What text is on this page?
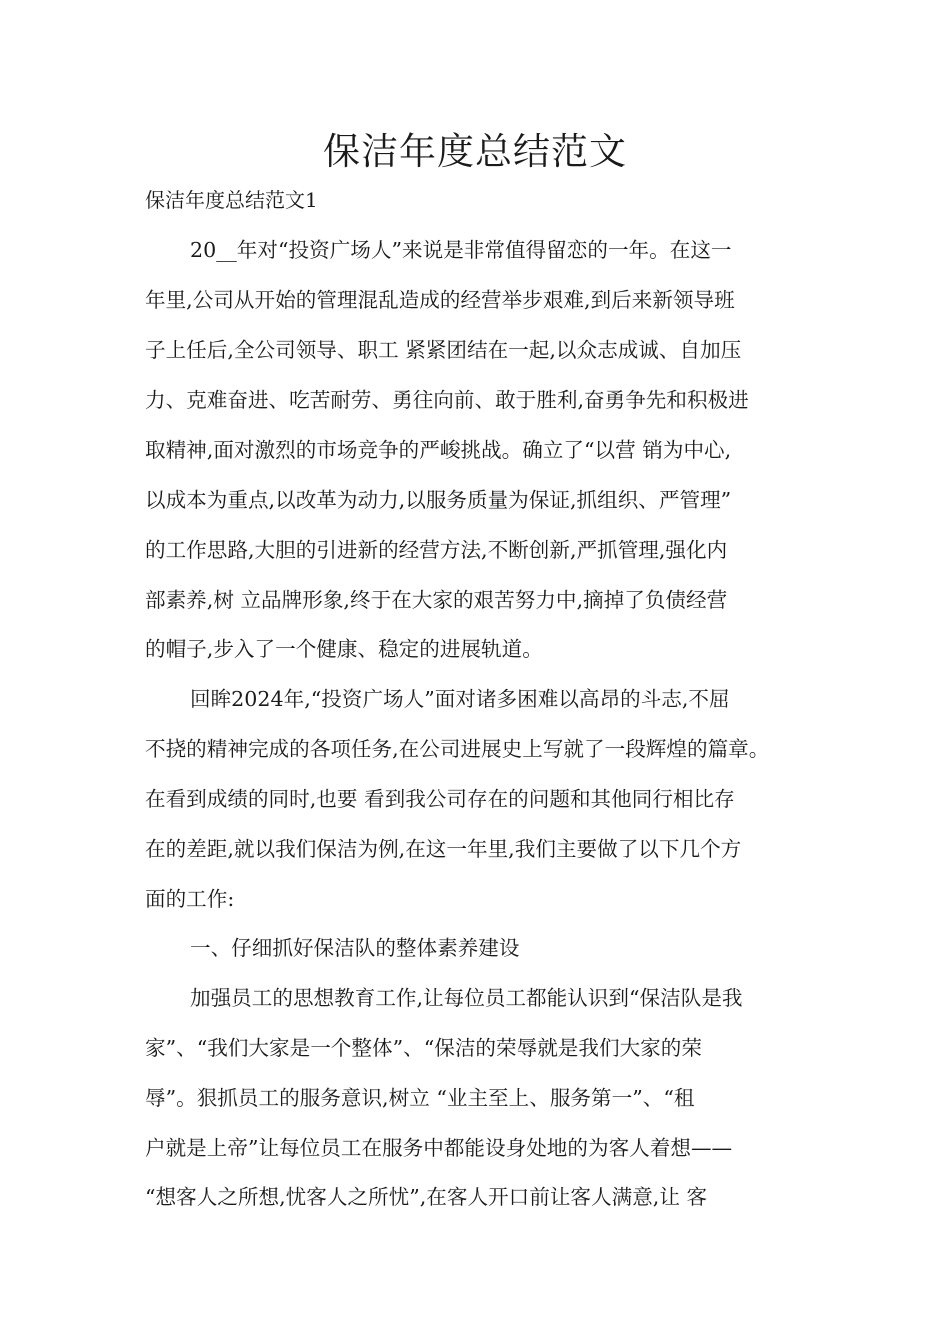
保洁年度总结范文

保洁年度总结范文1

20__年对“投资广场人”来说是非常值得留恋的一年。在这一

年里,公司从开始的管理混乱造成的经营举步艰难,到后来新领导班

子上任后,全公司领导、职工 紧紧团结在一起,以众志成诚、自加压

力、克难奋进、吃苦耐劳、勇往向前、敢于胜利,奋勇争先和积极进

取精神,面对激烈的市场竞争的严峻挑战。确立了“以营 销为中心,

以成本为重点,以改革为动力,以服务质量为保证,抓组织、严管理”

的工作思路,大胆的引进新的经营方法,不断创新,严抓管理,强化内

部素养,树 立品牌形象,终于在大家的艰苦努力中,摘掉了负债经营

的帽子,步入了一个健康、稳定的进展轨道。

回眸2024年,“投资广场人”面对诸多困难以高昂的斗志,不屈

不挠的精神完成的各项任务,在公司进展史上写就了一段辉煌的篇章。

在看到成绩的同时,也要 看到我公司存在的问题和其他同行相比存

在的差距,就以我们保洁为例,在这一年里,我们主要做了以下几个方

面的工作:

一、仔细抓好保洁队的整体素养建设

加强员工的思想教育工作,让每位员工都能认识到“保洁队是我

家”、“我们大家是一个整体”、“保洁的荣辱就是我们大家的荣

辱”。狠抓员工的服务意识,树立 “业主至上、服务第一”、“租

户就是上帝”让每位员工在服务中都能设身处地的为客人着想——

“想客人之所想,忧客人之所忧”,在客人开口前让客人满意,让 客
